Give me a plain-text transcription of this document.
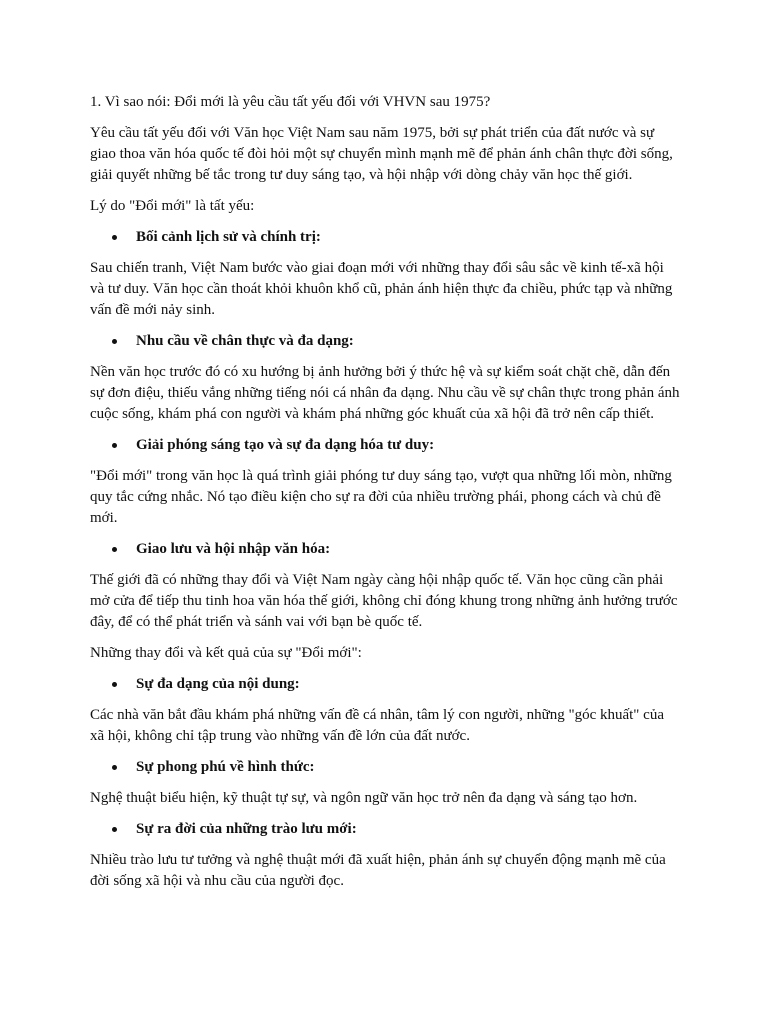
1. Vì sao nói: Đổi mới là yêu cầu tất yếu đối với VHVN sau 1975?

Yêu cầu tất yếu đối với Văn học Việt Nam sau năm 1975, bởi sự phát triển của đất nước và sự giao thoa văn hóa quốc tế đòi hỏi một sự chuyển mình mạnh mẽ để phản ánh chân thực đời sống, giải quyết những bế tắc trong tư duy sáng tạo, và hội nhập với dòng chảy văn học thế giới.

Lý do "Đổi mới" là tất yếu:

Bối cảnh lịch sử và chính trị:

Sau chiến tranh, Việt Nam bước vào giai đoạn mới với những thay đổi sâu sắc về kinh tế-xã hội và tư duy. Văn học cần thoát khỏi khuôn khổ cũ, phản ánh hiện thực đa chiều, phức tạp và những vấn đề mới nảy sinh.

Nhu cầu về chân thực và đa dạng:

Nền văn học trước đó có xu hướng bị ảnh hưởng bởi ý thức hệ và sự kiểm soát chặt chẽ, dẫn đến sự đơn điệu, thiếu vắng những tiếng nói cá nhân đa dạng. Nhu cầu về sự chân thực trong phản ánh cuộc sống, khám phá con người và khám phá những góc khuất của xã hội đã trở nên cấp thiết.

Giải phóng sáng tạo và sự đa dạng hóa tư duy:

"Đổi mới" trong văn học là quá trình giải phóng tư duy sáng tạo, vượt qua những lối mòn, những quy tắc cứng nhắc. Nó tạo điều kiện cho sự ra đời của nhiều trường phái, phong cách và chủ đề mới.

Giao lưu và hội nhập văn hóa:

Thế giới đã có những thay đổi và Việt Nam ngày càng hội nhập quốc tế. Văn học cũng cần phải mở cửa để tiếp thu tinh hoa văn hóa thế giới, không chỉ đóng khung trong những ảnh hưởng trước đây, để có thể phát triển và sánh vai với bạn bè quốc tế.

Những thay đổi và kết quả của sự "Đổi mới":

Sự đa dạng của nội dung:

Các nhà văn bắt đầu khám phá những vấn đề cá nhân, tâm lý con người, những "góc khuất" của xã hội, không chỉ tập trung vào những vấn đề lớn của đất nước.

Sự phong phú về hình thức:

Nghệ thuật biểu hiện, kỹ thuật tự sự, và ngôn ngữ văn học trở nên đa dạng và sáng tạo hơn.

Sự ra đời của những trào lưu mới:

Nhiều trào lưu tư tưởng và nghệ thuật mới đã xuất hiện, phản ánh sự chuyển động mạnh mẽ của đời sống xã hội và nhu cầu của người đọc.
